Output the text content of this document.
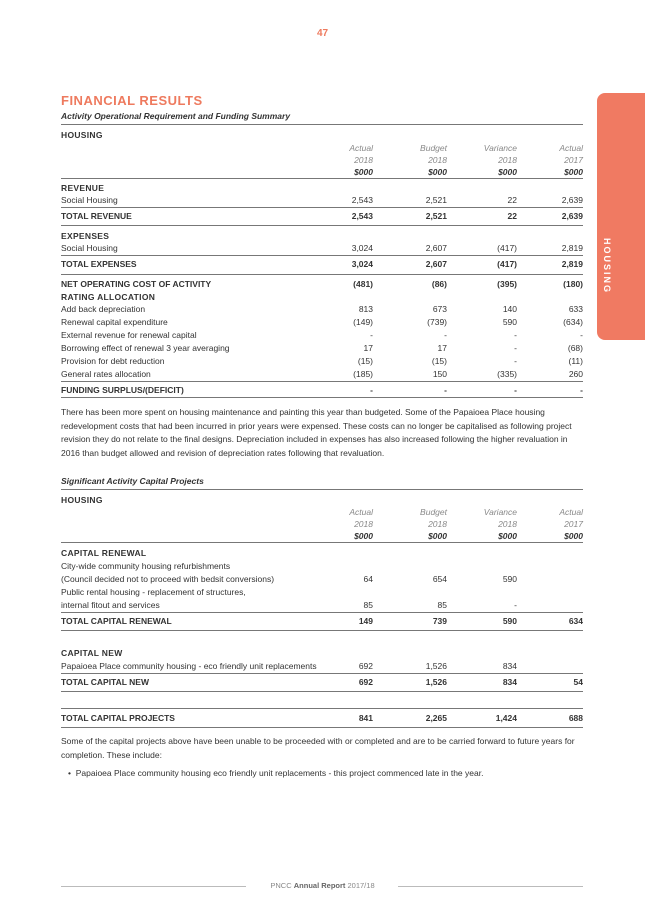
47
HOUSING
FINANCIAL RESULTS
Activity Operational Requirement and Funding Summary
HOUSING
Actual	Budget	Variance	Actual
2018	2018	2018	2017
$000	$000	$000	$000
REVENUE
Social Housing	2,543	2,521	22	2,639
TOTAL REVENUE	2,543	2,521	22	2,639
EXPENSES
Social Housing	3,024	2,607	(417)	2,819
TOTAL EXPENSES	3,024	2,607	(417)	2,819
NET OPERATING COST OF ACTIVITY	(481)	(86)	(395)	(180)
RATING ALLOCATION
Add back depreciation	813	673	140	633
Renewal capital expenditure	(149)	(739)	590	(634)
External revenue for renewal capital	-	-	-	-
Borrowing effect of renewal 3 year averaging	17	17	-	(68)
Provision for debt reduction	(15)	(15)	-	(11)
General rates allocation	(185)	150	(335)	260
FUNDING SURPLUS/(DEFICIT)	-	-	-	-
There has been more spent on housing maintenance and painting this year than budgeted. Some of the Papaioea Place housing redevelopment costs that had been incurred in prior years were expensed. These costs can no longer be capitalised as following project revision they do not relate to the final designs. Depreciation included in expenses has also increased following the higher revaluation in 2016 than budget allowed and revision of depreciation rates following that revaluation.
Significant Activity Capital Projects
HOUSING
Actual	Budget	Variance	Actual
2018	2018	2018	2017
$000	$000	$000	$000
CAPITAL RENEWAL
City-wide community housing refurbishments
(Council decided not to proceed with bedsit conversions)	64	654	590
Public rental housing - replacement of structures,
internal fitout and services	85	85	-
TOTAL CAPITAL RENEWAL	149	739	590	634
CAPITAL NEW
Papaioea Place community housing - eco friendly unit replacements	692	1,526	834
TOTAL CAPITAL NEW	692	1,526	834	54
TOTAL CAPITAL PROJECTS	841	2,265	1,424	688
Some of the capital projects above have been unable to be proceeded with or completed and are to be carried forward to future years for completion. These include:
•  Papaioea Place community housing eco friendly unit replacements - this project commenced late in the year.
PNCC Annual Report 2017/18
